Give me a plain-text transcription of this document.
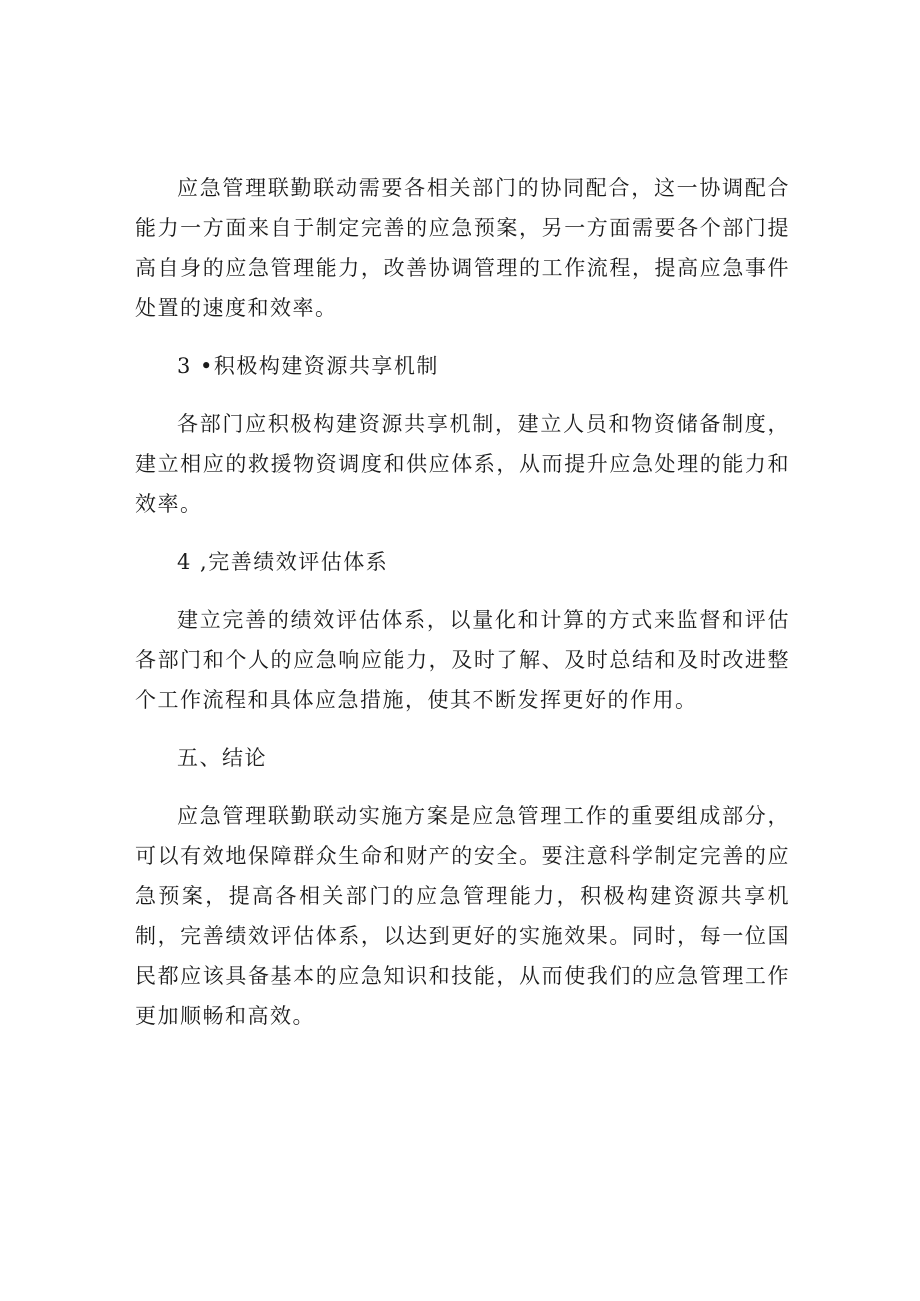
应急管理联勤联动需要各相关部门的协同配合，这一协调配合能力一方面来自于制定完善的应急预案，另一方面需要各个部门提高自身的应急管理能力，改善协调管理的工作流程，提高应急事件处置的速度和效率。

3 •积极构建资源共享机制

各部门应积极构建资源共享机制，建立人员和物资储备制度，建立相应的救援物资调度和供应体系，从而提升应急处理的能力和效率。

4 ,完善绩效评估体系

建立完善的绩效评估体系，以量化和计算的方式来监督和评估各部门和个人的应急响应能力，及时了解、及时总结和及时改进整个工作流程和具体应急措施，使其不断发挥更好的作用。

五、结论

应急管理联勤联动实施方案是应急管理工作的重要组成部分，可以有效地保障群众生命和财产的安全。要注意科学制定完善的应急预案，提高各相关部门的应急管理能力，积极构建资源共享机制，完善绩效评估体系，以达到更好的实施效果。同时，每一位国民都应该具备基本的应急知识和技能，从而使我们的应急管理工作更加顺畅和高效。
